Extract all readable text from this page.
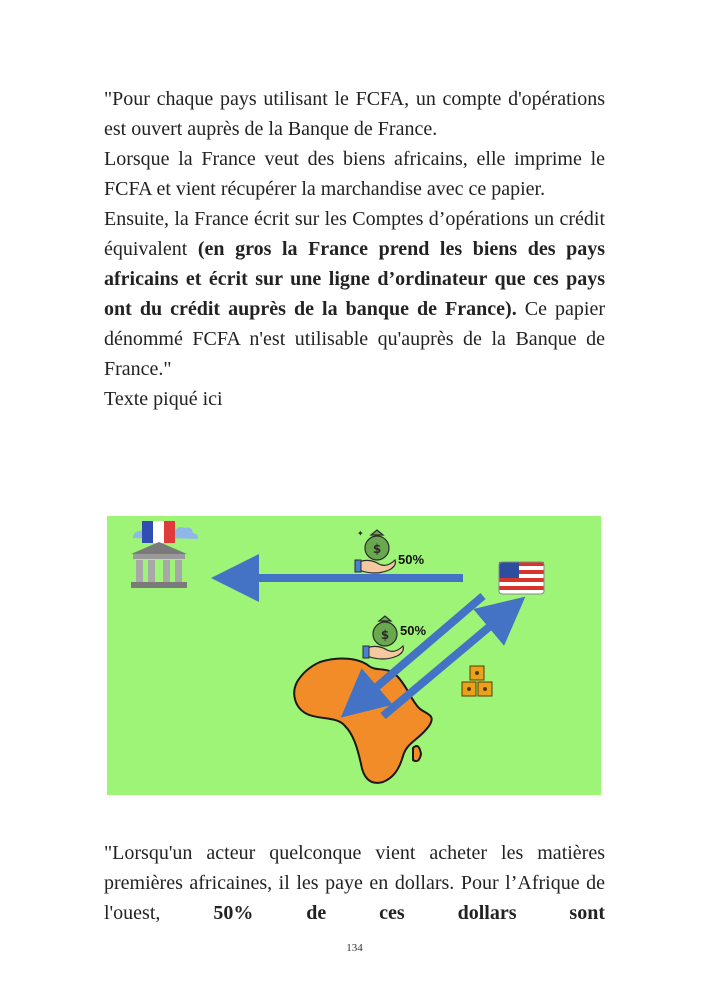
"Pour chaque pays utilisant le FCFA, un compte d'opérations est ouvert auprès de la Banque de France.

Lorsque la France veut des biens africains, elle imprime le FCFA et vient récupérer la marchandise avec ce papier.

Ensuite, la France écrit sur les Comptes d’opérations un crédit équivalent (en gros la France prend les biens des pays africains et écrit sur une ligne d’ordinateur que ces pays ont du crédit auprès de la banque de France). Ce papier dénommé FCFA n'est utilisable qu'auprès de la Banque de France."

Texte piqué ici

$
✦
50%
$ 50%

"Lorsqu'un acteur quelconque vient acheter les matières premières africaines, il les paye en dollars. Pour l’Afrique de l'ouest, 50% de ces dollars sont

134
